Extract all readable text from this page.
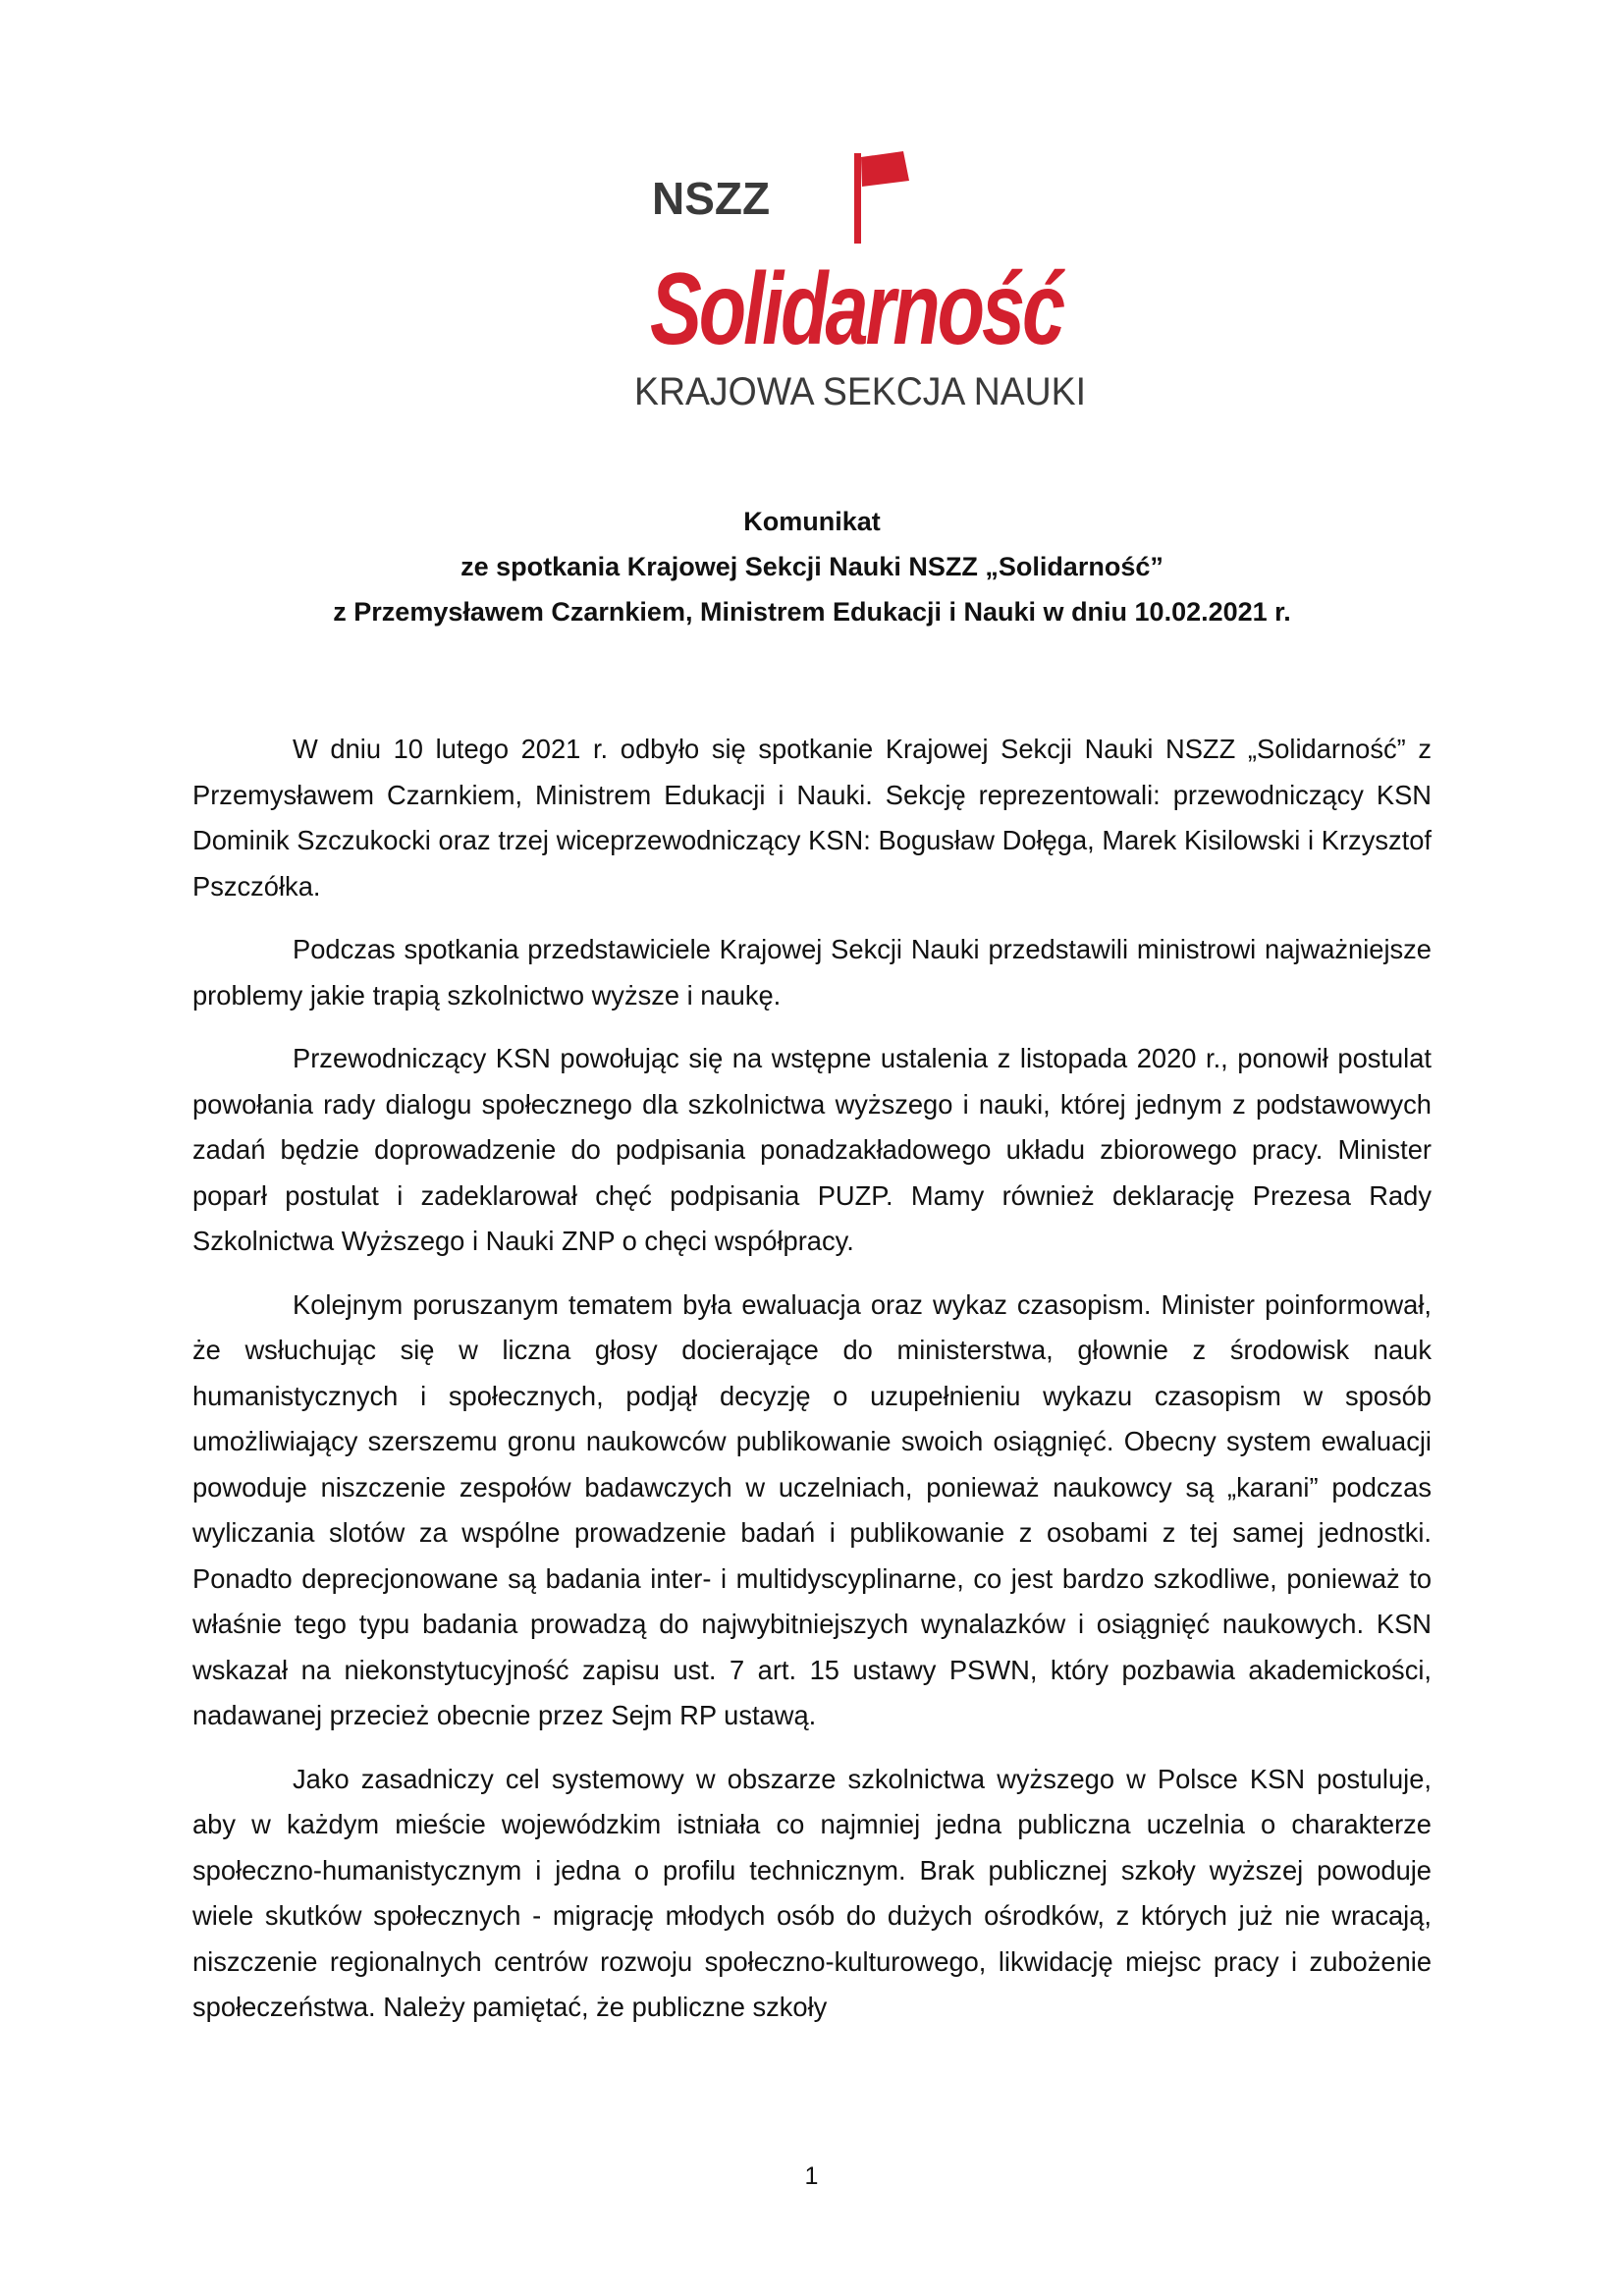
NSZZ
Solidarność
KRAJOWA SEKCJA NAUKI
Komunikat
ze spotkania Krajowej Sekcji Nauki NSZZ „Solidarność”
z Przemysławem Czarnkiem, Ministrem Edukacji i Nauki w dniu 10.02.2021 r.

W dniu 10 lutego 2021 r. odbyło się spotkanie Krajowej Sekcji Nauki NSZZ „Solidarność” z Przemysławem Czarnkiem, Ministrem Edukacji i Nauki. Sekcję reprezentowali: przewodniczący KSN Dominik Szczukocki oraz trzej wiceprzewodniczący KSN: Bogusław Dołęga, Marek Kisilowski i Krzysztof Pszczółka.

Podczas spotkania przedstawiciele Krajowej Sekcji Nauki przedstawili ministrowi najważniejsze problemy jakie trapią szkolnictwo wyższe i naukę.

Przewodniczący KSN powołując się na wstępne ustalenia z listopada 2020 r., ponowił postulat powołania rady dialogu społecznego dla szkolnictwa wyższego i nauki, której jednym z podstawowych zadań będzie doprowadzenie do podpisania ponadzakładowego układu zbiorowego pracy. Minister poparł postulat i zadeklarował chęć podpisania PUZP. Mamy również deklarację Prezesa Rady Szkolnictwa Wyższego i Nauki ZNP o chęci współpracy.

Kolejnym poruszanym tematem była ewaluacja oraz wykaz czasopism. Minister poinformował, że wsłuchując się w liczna głosy docierające do ministerstwa, głownie z środowisk nauk humanistycznych i społecznych, podjął decyzję o uzupełnieniu wykazu czasopism w sposób umożliwiający szerszemu gronu naukowców publikowanie swoich osiągnięć. Obecny system ewaluacji powoduje niszczenie zespołów badawczych w uczelniach, ponieważ naukowcy są „karani” podczas wyliczania slotów za wspólne prowadzenie badań i publikowanie z osobami z tej samej jednostki. Ponadto deprecjonowane są badania inter- i multidyscyplinarne, co jest bardzo szkodliwe, ponieważ to właśnie tego typu badania prowadzą do najwybitniejszych wynalazków i osiągnięć naukowych. KSN wskazał na niekonstytucyjność zapisu ust. 7 art. 15 ustawy PSWN, który pozbawia akademickości, nadawanej przecież obecnie przez Sejm RP ustawą.

Jako zasadniczy cel systemowy w obszarze szkolnictwa wyższego w Polsce KSN postuluje, aby w każdym mieście wojewódzkim istniała co najmniej jedna publiczna uczelnia o charakterze społeczno-humanistycznym i jedna o profilu technicznym. Brak publicznej szkoły wyższej powoduje wiele skutków społecznych - migrację młodych osób do dużych ośrodków, z których już nie wracają, niszczenie regionalnych centrów rozwoju społeczno-kulturowego, likwidację miejsc pracy i zubożenie społeczeństwa. Należy pamiętać, że publiczne szkoły

1
